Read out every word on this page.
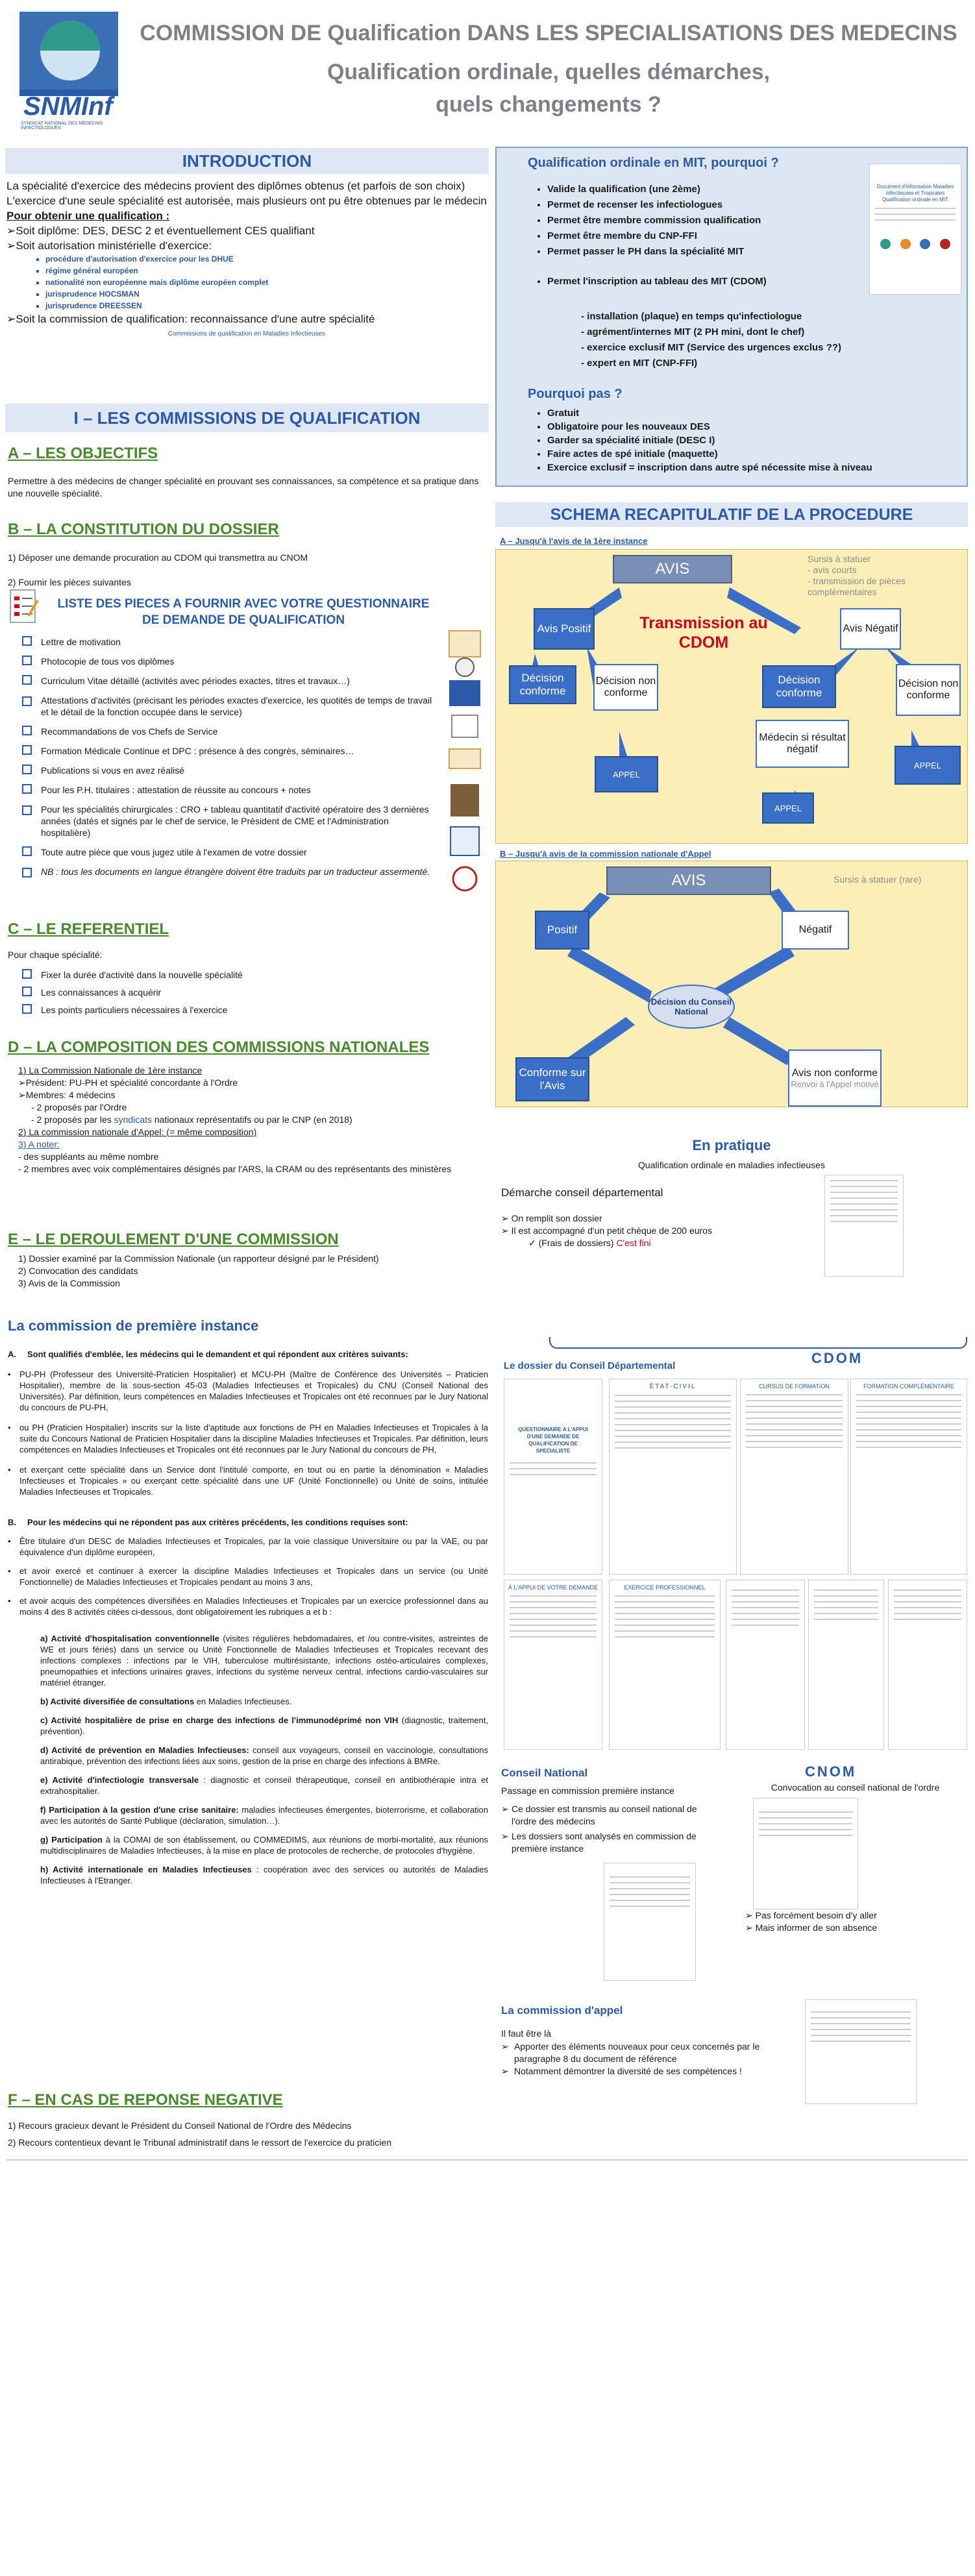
SNMInf
SYNDICAT NATIONAL DES MÉDECINS INFECTIOLOGUES
COMMISSION DE Qualification DANS LES SPECIALISATIONS DES MEDECINS
Qualification ordinale, quelles démarches,
quels changements ?
INTRODUCTION
La spécialité d'exercice des médecins provient des diplômes obtenus (et parfois de son choix)
L'exercice d'une seule spécialité est autorisée, mais plusieurs ont pu être obtenues par le médecin
Pour obtenir une qualification :
➢Soit diplôme: DES, DESC 2 et éventuellement CES qualifiant
➢Soit autorisation ministérielle d'exercice:
▪ procédure d'autorisation d'exercice pour les DHUE
▪ régime général européen
▪ nationalité non européenne mais diplôme européen complet
▪ jurisprudence HOCSMAN
▪ jurisprudence DREESSEN
➢Soit la commission de qualification: reconnaissance d'une autre spécialité
Commissions de qualification en Maladies Infectieuses
I – LES COMMISSIONS DE QUALIFICATION
A – LES OBJECTIFS
Permettre à des médecins de changer spécialité en prouvant ses connaissances, sa compétence et sa pratique dans une nouvelle spécialité.
B – LA CONSTITUTION DU DOSSIER
1) Déposer une demande procuration au CDOM qui transmettra au CNOM
2) Fournir les pièces suivantes
LISTE DES PIECES A FOURNIR AVEC VOTRE QUESTIONNAIRE DE DEMANDE DE QUALIFICATION
Lettre de motivation
Photocopie de tous vos diplômes
Curriculum Vitae détaillé (activités avec périodes exactes, titres et travaux…)
Attestations d'activités (précisant les périodes exactes d'exercice, les quotités de temps de travail et le détail de la fonction occupée dans le service)
Recommandations de vos Chefs de Service
Formation Médicale Continue et DPC : présence à des congrès, séminaires…
Publications si vous en avez réalisé
Pour les P.H. titulaires : attestation de réussite au concours + notes
Pour les spécialités chirurgicales : CRO + tableau quantitatif d'activité opératoire des 3 dernières années (datés et signés par le chef de service, le Président de CME et l'Administration hospitalière)
Toute autre pièce que vous jugez utile à l'examen de votre dossier
NB : tous les documents en langue étrangère doivent être traduits par un traducteur assermenté.
C – LE REFERENTIEL
Pour chaque spécialité:
Fixer la durée d'activité dans la nouvelle spécialité
Les connaissances à acquérir
Les points particuliers nécessaires à l'exercice
D – LA COMPOSITION DES COMMISSIONS NATIONALES
1) La Commission Nationale de 1ère instance
➢Président: PU-PH et spécialité concordante à l'Ordre
➢Membres: 4 médecins
- 2 proposés par l'Ordre
- 2 proposés par les syndicats nationaux représentatifs ou par le CNP (en 2018)
2) La commission nationale d'Appel: (= même composition)
3) A noter:
- des suppléants au même nombre
- 2 membres avec voix complémentaires désignés par l'ARS, la CRAM ou des représentants des ministères
E – LE DEROULEMENT D'UNE COMMISSION
1) Dossier examiné par la Commission Nationale (un rapporteur désigné par le Président)
2) Convocation des candidats
3) Avis de la Commission
La commission de première instance
A.	Sont qualifiés d'emblée, les médecins qui le demandent et qui répondent aux critères suivants:
•	PU-PH (Professeur des Université-Praticien Hospitalier) et MCU-PH (Maître de Conférence des Universités – Praticien Hospitalier), membre de la sous-section 45-03 (Maladies Infectieuses et Tropicales) du CNU (Conseil National des Universités). Par définition, leurs compétences en Maladies Infectieuses et Tropicales ont été reconnues par le Jury National du concours de PU-PH,
•	ou PH (Praticien Hospitalier) inscrits sur la liste d'aptitude aux fonctions de PH en Maladies Infectieuses et Tropicales à la suite du Concours National de Praticien Hospitalier dans la discipline Maladies Infectieuses et Tropicales. Par définition, leurs compétences en Maladies Infectieuses et Tropicales ont été reconnues par le Jury National du concours de PH,
•	et exerçant cette spécialité dans un Service dont l'intitulé comporte, en tout ou en partie la dénomination « Maladies Infectieuses et Tropicales » ou exerçant cette spécialité dans une UF (Unité Fonctionnelle) ou Unité de soins, intitulée Maladies Infectieuses et Tropicales.
B.	Pour les médecins qui ne répondent pas aux critères précédents, les conditions requises sont:
•	Être titulaire d'un DESC de Maladies Infectieuses et Tropicales, par la voie classique Universitaire ou par la VAE, ou par équivalence d'un diplôme européen,
•	et avoir exercé et continuer à exercer la discipline Maladies Infectieuses et Tropicales dans un service (ou Unité Fonctionnelle) de Maladies Infectieuses et Tropicales pendant au moins 3 ans,
•	et avoir acquis des compétences diversifiées en Maladies Infectieuses et Tropicales par un exercice professionnel dans au moins 4 des 8 activités citées ci-dessous, dont obligatoirement les rubriques a et b :
a) Activité d'hospitalisation conventionnelle (visites régulières hebdomadaires, et /ou contre-visites, astreintes de WE et jours fériés) dans un service ou Unité Fonctionnelle de Maladies Infectieuses et Tropicales recevant des infections complexes : infections par le VIH, tuberculose multirésistante, infections ostéo-articulaires complexes, pneumopathies et infections urinaires graves, infections du système nerveux central, infections cardio-vasculaires sur matériel étranger.
b) Activité diversifiée de consultations en Maladies Infectieuses.
c) Activité hospitalière de prise en charge des infections de l'immunodéprimé non VIH (diagnostic, traitement, prévention).
d) Activité de prévention en Maladies Infectieuses: conseil aux voyageurs, conseil en vaccinologie, consultations antirabique, prévention des infections liées aux soins, gestion de la prise en charge des infections à BMRe.
e) Activité d'infectiologie transversale : diagnostic et conseil thérapeutique, conseil en antibiothérapie intra et extrahospitalier.
f) Participation à la gestion d'une crise sanitaire: maladies infectieuses émergentes, bioterrorisme, et collaboration avec les autorités de Santé Publique (déclaration, simulation…).
g) Participation à la COMAI de son établissement, ou COMMEDIMS, aux réunions de morbi-mortalité, aux réunions multidisciplinaires de Maladies Infectieuses, à la mise en place de protocoles de recherche, de protocoles d'hygiène.
h) Activité internationale en Maladies Infectieuses : coopération avec des services ou autorités de Maladies Infectieuses à l'Etranger.
F – EN CAS DE REPONSE NEGATIVE
1) Recours gracieux devant le Président du Conseil National de l'Ordre des Médecins
2) Recours contentieux devant le Tribunal administratif dans le ressort de l'exercice du praticien
Qualification ordinale en MIT, pourquoi ?
• Valide la qualification (une 2ème)
• Permet de recenser les infectiologues
• Permet être membre commission qualification
• Permet être membre du CNP-FFI
• Permet passer le PH dans la spécialité MIT
• Permet l'inscription au tableau des MIT (CDOM)
- installation (plaque) en temps qu'infectiologue
- agrément/internes MIT (2 PH mini, dont le chef)
- exercice exclusif MIT (Service des urgences exclus ??)
- expert en MIT (CNP-FFI)
Pourquoi pas ?
• Gratuit
• Obligatoire pour les nouveaux DES
• Garder sa spécialité initiale (DESC I)
• Faire actes de spé initiale (maquette)
• Exercice exclusif = inscription dans autre spé nécessite mise à niveau
Document d'information Maladies Infectieuses et Tropicales Qualification ordinale en MIT
SCHEMA RECAPITULATIF DE LA PROCEDURE
A – Jusqu'à l'avis de la 1ère instance
AVIS
Sursis à statuer
- avis courts
- transmission de pièces complémentaires
Avis Positif	Transmission au CDOM
Avis Négatif
Décision conforme
Décision non conforme
Décision conforme
Décision non conforme
APPEL
Médecin si résultat négatif
APPEL
APPEL
B – Jusqu'à avis de la commission nationale d'Appel
AVIS	Sursis à statuer (rare)
Positif	Négatif
Décision du Conseil National
Conforme sur l'Avis
Avis non conforme
Renvoi à l'Appel motivé
En pratique
Qualification ordinale en maladies infectieuses
Démarche conseil départemental
➢ On remplit son dossier
➢ Il est accompagné d'un petit chèque de 200 euros
✓ (Frais de dossiers) C'est fini
Le dossier du Conseil Départemental	CDOM
QUESTIONNAIRE A L'APPUI D'UNE DEMANDE DE QUALIFICATION DE SPECIALISTE
ÉTAT-CIVIL	CURSUS DE FORMATION	FORMATION COMPLÉMENTAIRE
À L'APPUI DE VOTRE DEMANDE	EXERCICE PROFESSIONNEL
CNOM
Conseil National
Passage en commission première instance
➢ Ce dossier est transmis au conseil national de l'ordre des médecins
➢ Les dossiers sont analysés en commission de première instance
Convocation au conseil national de l'ordre
➢ Pas forcément besoin d'y aller
➢ Mais informer de son absence
La commission d'appel
Il faut être là
➢ Apporter des éléments nouveaux pour ceux concernés par le paragraphe 8 du document de référence
➢ Notamment démontrer la diversité de ses compétences !
